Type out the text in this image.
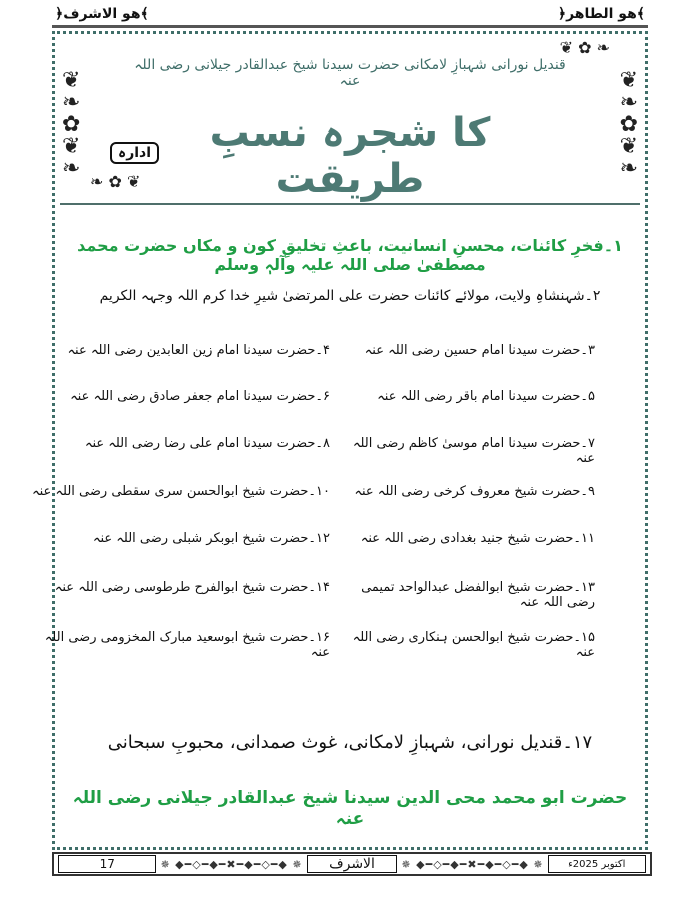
﴾هو الطاهر﴿
﴾هو الاشرف﴿
❦
❧
✿
❦
❧
❦
❧
✿
❦
❧
❧ ✿ ❦
❦ ✿ ❧
قندیل نورانی شہبازِ لامکانی حضرت سیدنا شیخ عبدالقادر جیلانی رضی اللہ عنہ
کا شجرہ نسبِ طریقت
ادارہ
۱۔فخرِ کائنات، محسنِ انسانیت، باعثِ تخلیقِ کون و مکاں حضرت محمد مصطفیٰ صلی اللہ علیہ وآلہٖ وسلم
۲۔شہنشاہِ ولایت، مولائے کائنات حضرت علی المرتضیٰ شیرِ خدا کرم اللہ وجہہ الکریم
۳۔حضرت سیدنا امام حسین رضی اللہ عنہ
۴۔حضرت سیدنا امام زین العابدین رضی اللہ عنہ
۵۔حضرت سیدنا امام باقر رضی اللہ عنہ
۶۔حضرت سیدنا امام جعفر صادق رضی اللہ عنہ
۷۔حضرت سیدنا امام موسیٰ کاظم رضی اللہ عنہ
۸۔حضرت سیدنا امام علی رضا رضی اللہ عنہ
۹۔حضرت شیخ معروف کرخی رضی اللہ عنہ
۱۰۔حضرت شیخ ابوالحسن سری سقطی رضی اللہ عنہ
۱۱۔حضرت شیخ جنید بغدادی رضی اللہ عنہ
۱۲۔حضرت شیخ ابوبکر شبلی رضی اللہ عنہ
۱۳۔حضرت شیخ ابوالفضل عبدالواحد تمیمی رضی اللہ عنہ
۱۴۔حضرت شیخ ابوالفرح طرطوسی رضی اللہ عنہ
۱۵۔حضرت شیخ ابوالحسن ہنکاری رضی اللہ عنہ
۱۶۔حضرت شیخ ابوسعید مبارک المخزومی رضی اللہ عنہ
۱۷۔قندیل نورانی، شہبازِ لامکانی، غوث صمدانی، محبوبِ سبحانی
حضرت ابو محمد محی الدین سیدنا شیخ عبدالقادر جیلانی رضی اللہ عنہ
17	✵ ◆━◇━◆━✖━◆━◇━◆ ✵	الاشرف	✵ ◆━◇━◆━✖━◆━◇━◆ ✵	اکتوبر 2025ء
